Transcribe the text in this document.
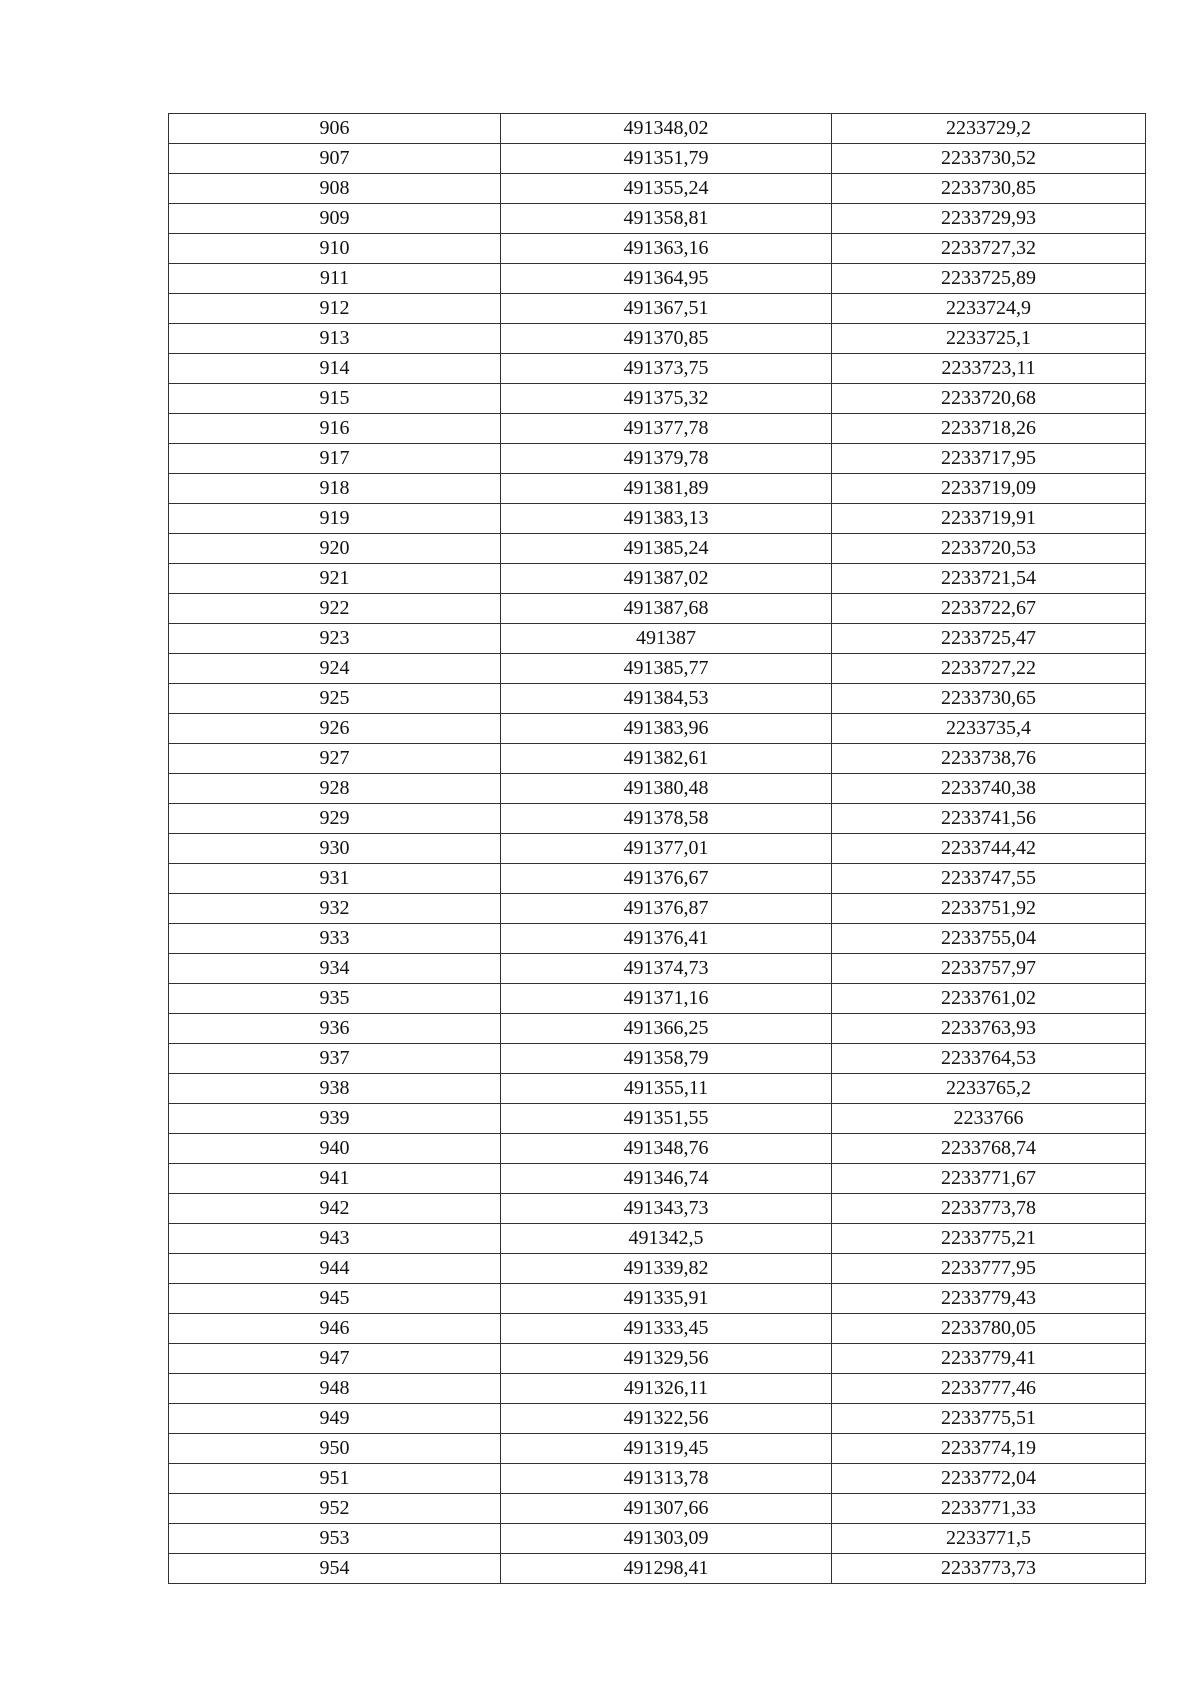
906	491348,02	2233729,2
907	491351,79	2233730,52
908	491355,24	2233730,85
909	491358,81	2233729,93
910	491363,16	2233727,32
911	491364,95	2233725,89
912	491367,51	2233724,9
913	491370,85	2233725,1
914	491373,75	2233723,11
915	491375,32	2233720,68
916	491377,78	2233718,26
917	491379,78	2233717,95
918	491381,89	2233719,09
919	491383,13	2233719,91
920	491385,24	2233720,53
921	491387,02	2233721,54
922	491387,68	2233722,67
923	491387	2233725,47
924	491385,77	2233727,22
925	491384,53	2233730,65
926	491383,96	2233735,4
927	491382,61	2233738,76
928	491380,48	2233740,38
929	491378,58	2233741,56
930	491377,01	2233744,42
931	491376,67	2233747,55
932	491376,87	2233751,92
933	491376,41	2233755,04
934	491374,73	2233757,97
935	491371,16	2233761,02
936	491366,25	2233763,93
937	491358,79	2233764,53
938	491355,11	2233765,2
939	491351,55	2233766
940	491348,76	2233768,74
941	491346,74	2233771,67
942	491343,73	2233773,78
943	491342,5	2233775,21
944	491339,82	2233777,95
945	491335,91	2233779,43
946	491333,45	2233780,05
947	491329,56	2233779,41
948	491326,11	2233777,46
949	491322,56	2233775,51
950	491319,45	2233774,19
951	491313,78	2233772,04
952	491307,66	2233771,33
953	491303,09	2233771,5
954	491298,41	2233773,73
